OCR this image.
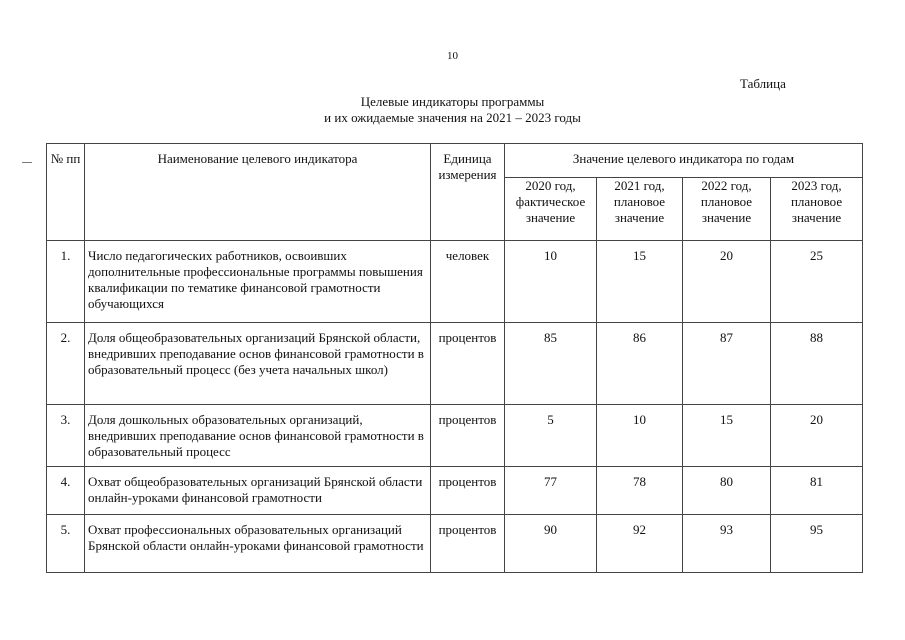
10
Таблица
Целевые индикаторы программы
и их ожидаемые значения на 2021 – 2023 годы
№ пп	Наименование целевого индикатора	Единица измерения	Значение целевого индикатора по годам			

			2020 год,
фактическое
значение	2021 год,
плановое
значение	2022 год,
плановое
значение	2023 год,
плановое
значение

1.	Число педагогических работников, освоивших дополнительные профессиональные программы повышения квалификации по тематике финансовой грамотности обучающихся	человек	10	15	20	25
2.	Доля общеобразовательных организаций Брянской области, внедривших преподавание основ финансовой грамотности в образовательный процесс (без учета начальных школ)	процентов	85	86	87	88
3.	Доля дошкольных образовательных организаций, внедривших преподавание основ финансовой грамотности в образовательный процесс	процентов	5	10	15	20
4.	Охват общеобразовательных организаций Брянской области онлайн-уроками финансовой грамотности	процентов	77	78	80	81
5.	Охват профессиональных образовательных организаций Брянской области онлайн-уроками финансовой грамотности	процентов	90	92	93	95
